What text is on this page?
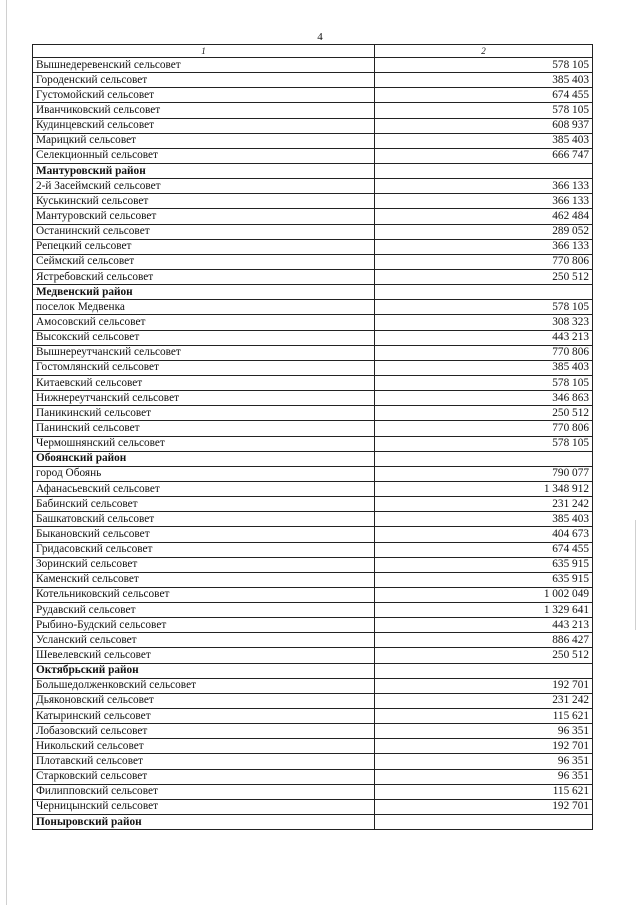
4
1	2
Вышнедеревенский сельсовет	578 105
Городенский сельсовет	385 403
Густомойский сельсовет	674 455
Иванчиковский сельсовет	578 105
Кудинцевский сельсовет	608 937
Марицкий сельсовет	385 403
Селекционный сельсовет	666 747
Мантуровский район	
2-й Засеймский сельсовет	366 133
Куськинский сельсовет	366 133
Мантуровский сельсовет	462 484
Останинский сельсовет	289 052
Репецкий сельсовет	366 133
Сеймский сельсовет	770 806
Ястребовский сельсовет	250 512
Медвенский район	
поселок Медвенка	578 105
Амосовский сельсовет	308 323
Высокский сельсовет	443 213
Вышнереутчанский сельсовет	770 806
Гостомлянский сельсовет	385 403
Китаевский сельсовет	578 105
Нижнереутчанский сельсовет	346 863
Паникинский сельсовет	250 512
Панинский сельсовет	770 806
Чермошнянский сельсовет	578 105
Обоянский район	
город Обоянь	790 077
Афанасьевский сельсовет	1 348 912
Бабинский сельсовет	231 242
Башкатовский сельсовет	385 403
Быкановский сельсовет	404 673
Гридасовский сельсовет	674 455
Зоринский сельсовет	635 915
Каменский сельсовет	635 915
Котельниковский сельсовет	1 002 049
Рудавский сельсовет	1 329 641
Рыбино-Будский сельсовет	443 213
Усланский сельсовет	886 427
Шевелевский сельсовет	250 512
Октябрьский район	
Большедолженковский сельсовет	192 701
Дьяконовский сельсовет	231 242
Катыринский сельсовет	115 621
Лобазовский сельсовет	96 351
Никольский сельсовет	192 701
Плотавский сельсовет	96 351
Старковский сельсовет	96 351
Филипповский сельсовет	115 621
Черницынский сельсовет	192 701
Поныровский район	
